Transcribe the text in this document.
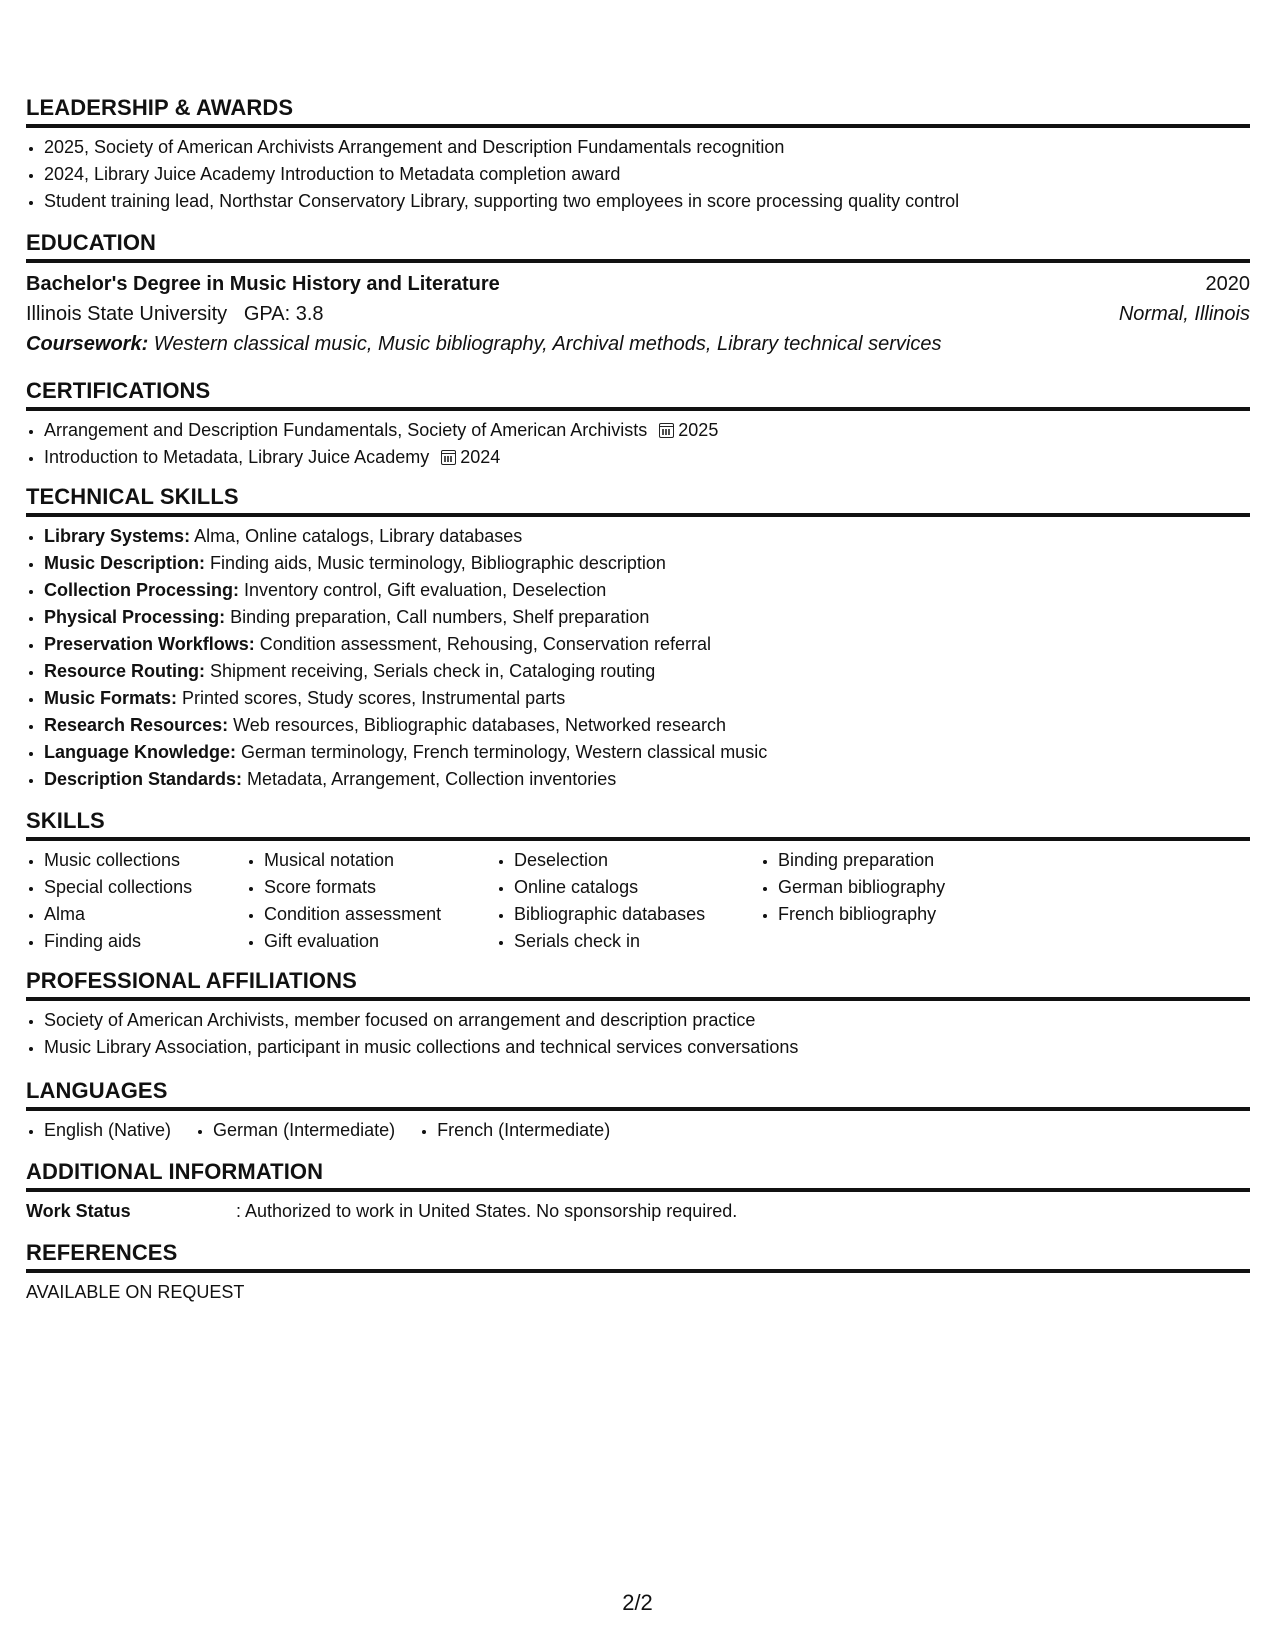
LEADERSHIP & AWARDS
• 2025, Society of American Archivists Arrangement and Description Fundamentals recognition
• 2024, Library Juice Academy Introduction to Metadata completion award
• Student training lead, Northstar Conservatory Library, supporting two employees in score processing quality control
EDUCATION
Bachelor's Degree in Music History and Literature	2020
Illinois State University   GPA: 3.8	Normal, Illinois
Coursework: Western classical music, Music bibliography, Archival methods, Library technical services
CERTIFICATIONS
• Arrangement and Description Fundamentals, Society of American Archivists 2025
• Introduction to Metadata, Library Juice Academy 2024
TECHNICAL SKILLS
• Library Systems: Alma, Online catalogs, Library databases
• Music Description: Finding aids, Music terminology, Bibliographic description
• Collection Processing: Inventory control, Gift evaluation, Deselection
• Physical Processing: Binding preparation, Call numbers, Shelf preparation
• Preservation Workflows: Condition assessment, Rehousing, Conservation referral
• Resource Routing: Shipment receiving, Serials check in, Cataloging routing
• Music Formats: Printed scores, Study scores, Instrumental parts
• Research Resources: Web resources, Bibliographic databases, Networked research
• Language Knowledge: German terminology, French terminology, Western classical music
• Description Standards: Metadata, Arrangement, Collection inventories
SKILLS
• Music collections
• Special collections
• Alma
• Finding aids
• Musical notation
• Score formats
• Condition assessment
• Gift evaluation
• Deselection
• Online catalogs
• Bibliographic databases
• Serials check in
• Binding preparation
• German bibliography
• French bibliography
PROFESSIONAL AFFILIATIONS
• Society of American Archivists, member focused on arrangement and description practice
• Music Library Association, participant in music collections and technical services conversations
LANGUAGES
• English (Native) • German (Intermediate) • French (Intermediate)
ADDITIONAL INFORMATION
Work Status	: Authorized to work in United States. No sponsorship required.
REFERENCES
AVAILABLE ON REQUEST
2/2
